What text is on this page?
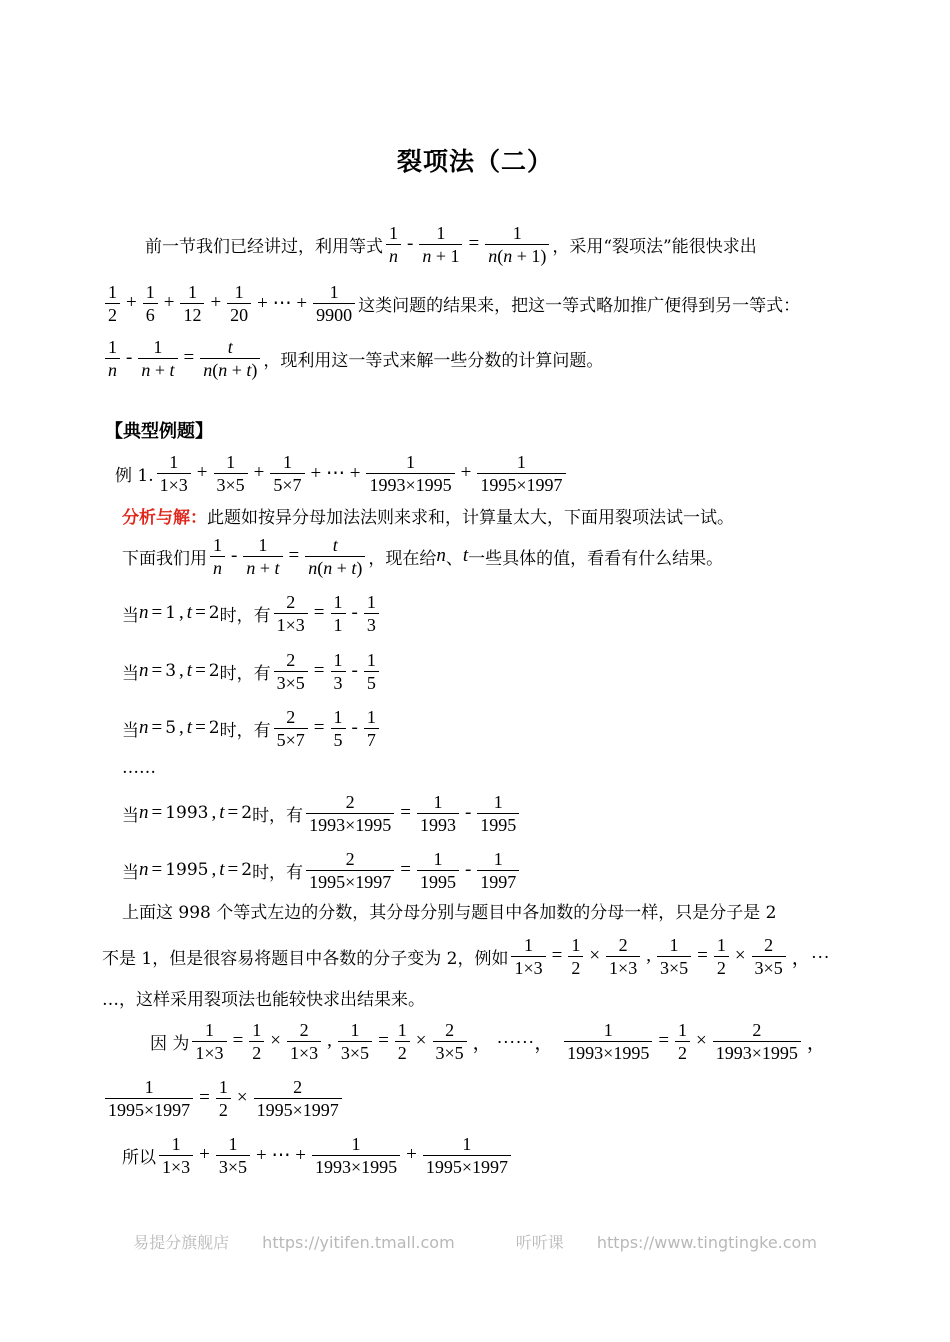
裂项法（二）
前一节我们已经讲过，利用等式 $\frac{1}{n} - \frac{1}{n + 1} = \frac{1}{n(n + 1)}$ ，采用“裂项法”能很快求出
$\frac{1}{2} + \frac{1}{6} + \frac{1}{12} + \frac{1}{20}$ + ⋯ + $\frac{1}{9900}$ 这类问题的结果来，把这一等式略加推广便得到另一等式：
$\frac{1}{n} - \frac{1}{n + t} = \frac{t}{n(n + t)}$ ，现利用这一等式来解一些分数的计算问题。
【典型例题】
例 1. $\frac{1}{1\times 3} + \frac{1}{3\times 5} + \frac{1}{5\times 7}$ + ⋯ + $\frac{1}{1993\times 1995} + \frac{1}{1995\times 1997}$
分析与解： 此题如按异分母加法法则来求和，计算量太大，下面用裂项法试一试。
下面我们用 $\frac{1}{n} - \frac{1}{n + t} = \frac{t}{n(n + t)}$ ，现在给 n 、 t 一些具体的值，看看有什么结果。
当 n = 1 , t = 2 时，有 $\frac{2}{1\times 3} = \frac{1}{1} - \frac{1}{3}$
当 n = 3 , t = 2 时，有 $\frac{2}{3\times 5} = \frac{1}{3} - \frac{1}{5}$
当 n = 5 , t = 2 时，有 $\frac{2}{5\times 7} = \frac{1}{5} - \frac{1}{7}$
……
当 n = 1993 , t = 2 时，有 $\frac{2}{1993\times 1995} = \frac{1}{1993} - \frac{1}{1995}$
当 n = 1995 , t = 2 时，有 $\frac{2}{1995\times 1997} = \frac{1}{1995} - \frac{1}{1997}$
上面这 998 个等式左边的分数，其分母分别与题目中各加数的分母一样，只是分子是 2
不是 1，但是很容易将题目中各数的分子变为 2，例如 $\frac{1}{1\times 3} = \frac{1}{2} \times \frac{2}{1\times 3}$ , $\frac{1}{3\times 5} = \frac{1}{2} \times \frac{2}{3\times 5}$ ，⋯
…，这样采用裂项法也能较快求出结果来。
因 为 $\frac{1}{1\times 3} = \frac{1}{2} \times \frac{2}{1\times 3}$ , $\frac{1}{3\times 5} = \frac{1}{2} \times \frac{2}{3\times 5}$ ， ⋯⋯， $\frac{1}{1993\times 1995} = \frac{1}{2} \times \frac{2}{1993\times 1995}$ ，
$\frac{1}{1995\times 1997} = \frac{1}{2} \times \frac{2}{1995\times 1997}$
所以 $\frac{1}{1\times 3} + \frac{1}{3\times 5}$ + ⋯ + $\frac{1}{1993\times 1995} + \frac{1}{1995\times 1997}$
易提分旗舰店 https://yitifen.tmall.com	听听课 https://www.tingtingke.com
